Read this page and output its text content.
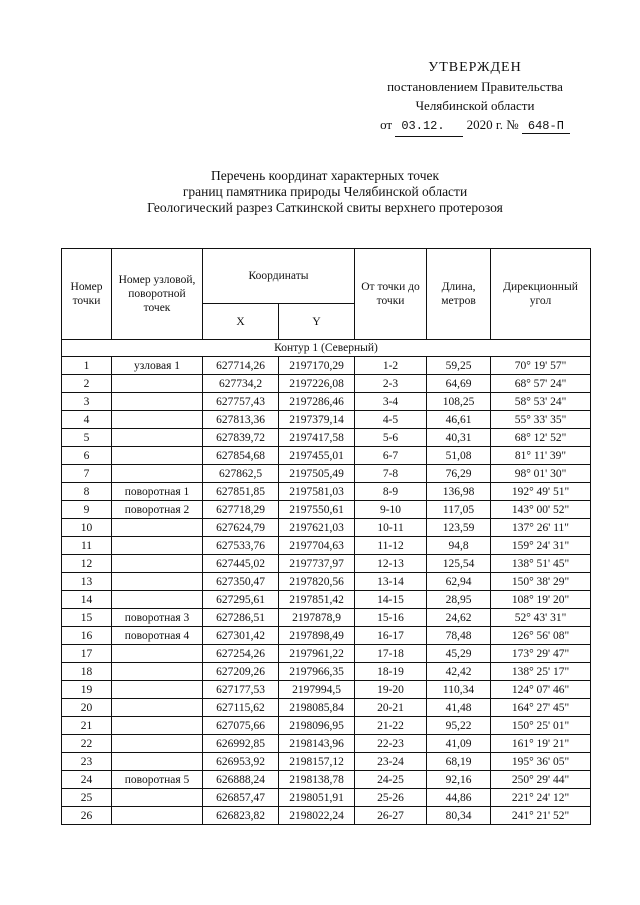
УТВЕРЖДЕН
постановлением Правительства
Челябинской области
от 03.12. 2020 г. № 648-П
Перечень координат характерных точек
границ памятника природы Челябинской области
Геологический разрез Саткинской свиты верхнего протерозоя
Номер точки	Номер узловой, поворотной точек	Координаты		От точки до точки	Длина, метров	Дирекционный угол
		X	Y			
Контур 1 (Северный)						
1	узловая 1	627714,26	2197170,29	1-2	59,25	70° 19' 57"
2		627734,2	2197226,08	2-3	64,69	68° 57' 24"
3		627757,43	2197286,46	3-4	108,25	58° 53' 24"
4		627813,36	2197379,14	4-5	46,61	55° 33' 35"
5		627839,72	2197417,58	5-6	40,31	68° 12' 52"
6		627854,68	2197455,01	6-7	51,08	81° 11' 39"
7		627862,5	2197505,49	7-8	76,29	98° 01' 30"
8	поворотная 1	627851,85	2197581,03	8-9	136,98	192° 49' 51"
9	поворотная 2	627718,29	2197550,61	9-10	117,05	143° 00' 52"
10		627624,79	2197621,03	10-11	123,59	137° 26' 11"
11		627533,76	2197704,63	11-12	94,8	159° 24' 31"
12		627445,02	2197737,97	12-13	125,54	138° 51' 45"
13		627350,47	2197820,56	13-14	62,94	150° 38' 29"
14		627295,61	2197851,42	14-15	28,95	108° 19' 20"
15	поворотная 3	627286,51	2197878,9	15-16	24,62	52° 43' 31"
16	поворотная 4	627301,42	2197898,49	16-17	78,48	126° 56' 08"
17		627254,26	2197961,22	17-18	45,29	173° 29' 47"
18		627209,26	2197966,35	18-19	42,42	138° 25' 17"
19		627177,53	2197994,5	19-20	110,34	124° 07' 46"
20		627115,62	2198085,84	20-21	41,48	164° 27' 45"
21		627075,66	2198096,95	21-22	95,22	150° 25' 01"
22		626992,85	2198143,96	22-23	41,09	161° 19' 21"
23		626953,92	2198157,12	23-24	68,19	195° 36' 05"
24	поворотная 5	626888,24	2198138,78	24-25	92,16	250° 29' 44"
25		626857,47	2198051,91	25-26	44,86	221° 24' 12"
26		626823,82	2198022,24	26-27	80,34	241° 21' 52"
